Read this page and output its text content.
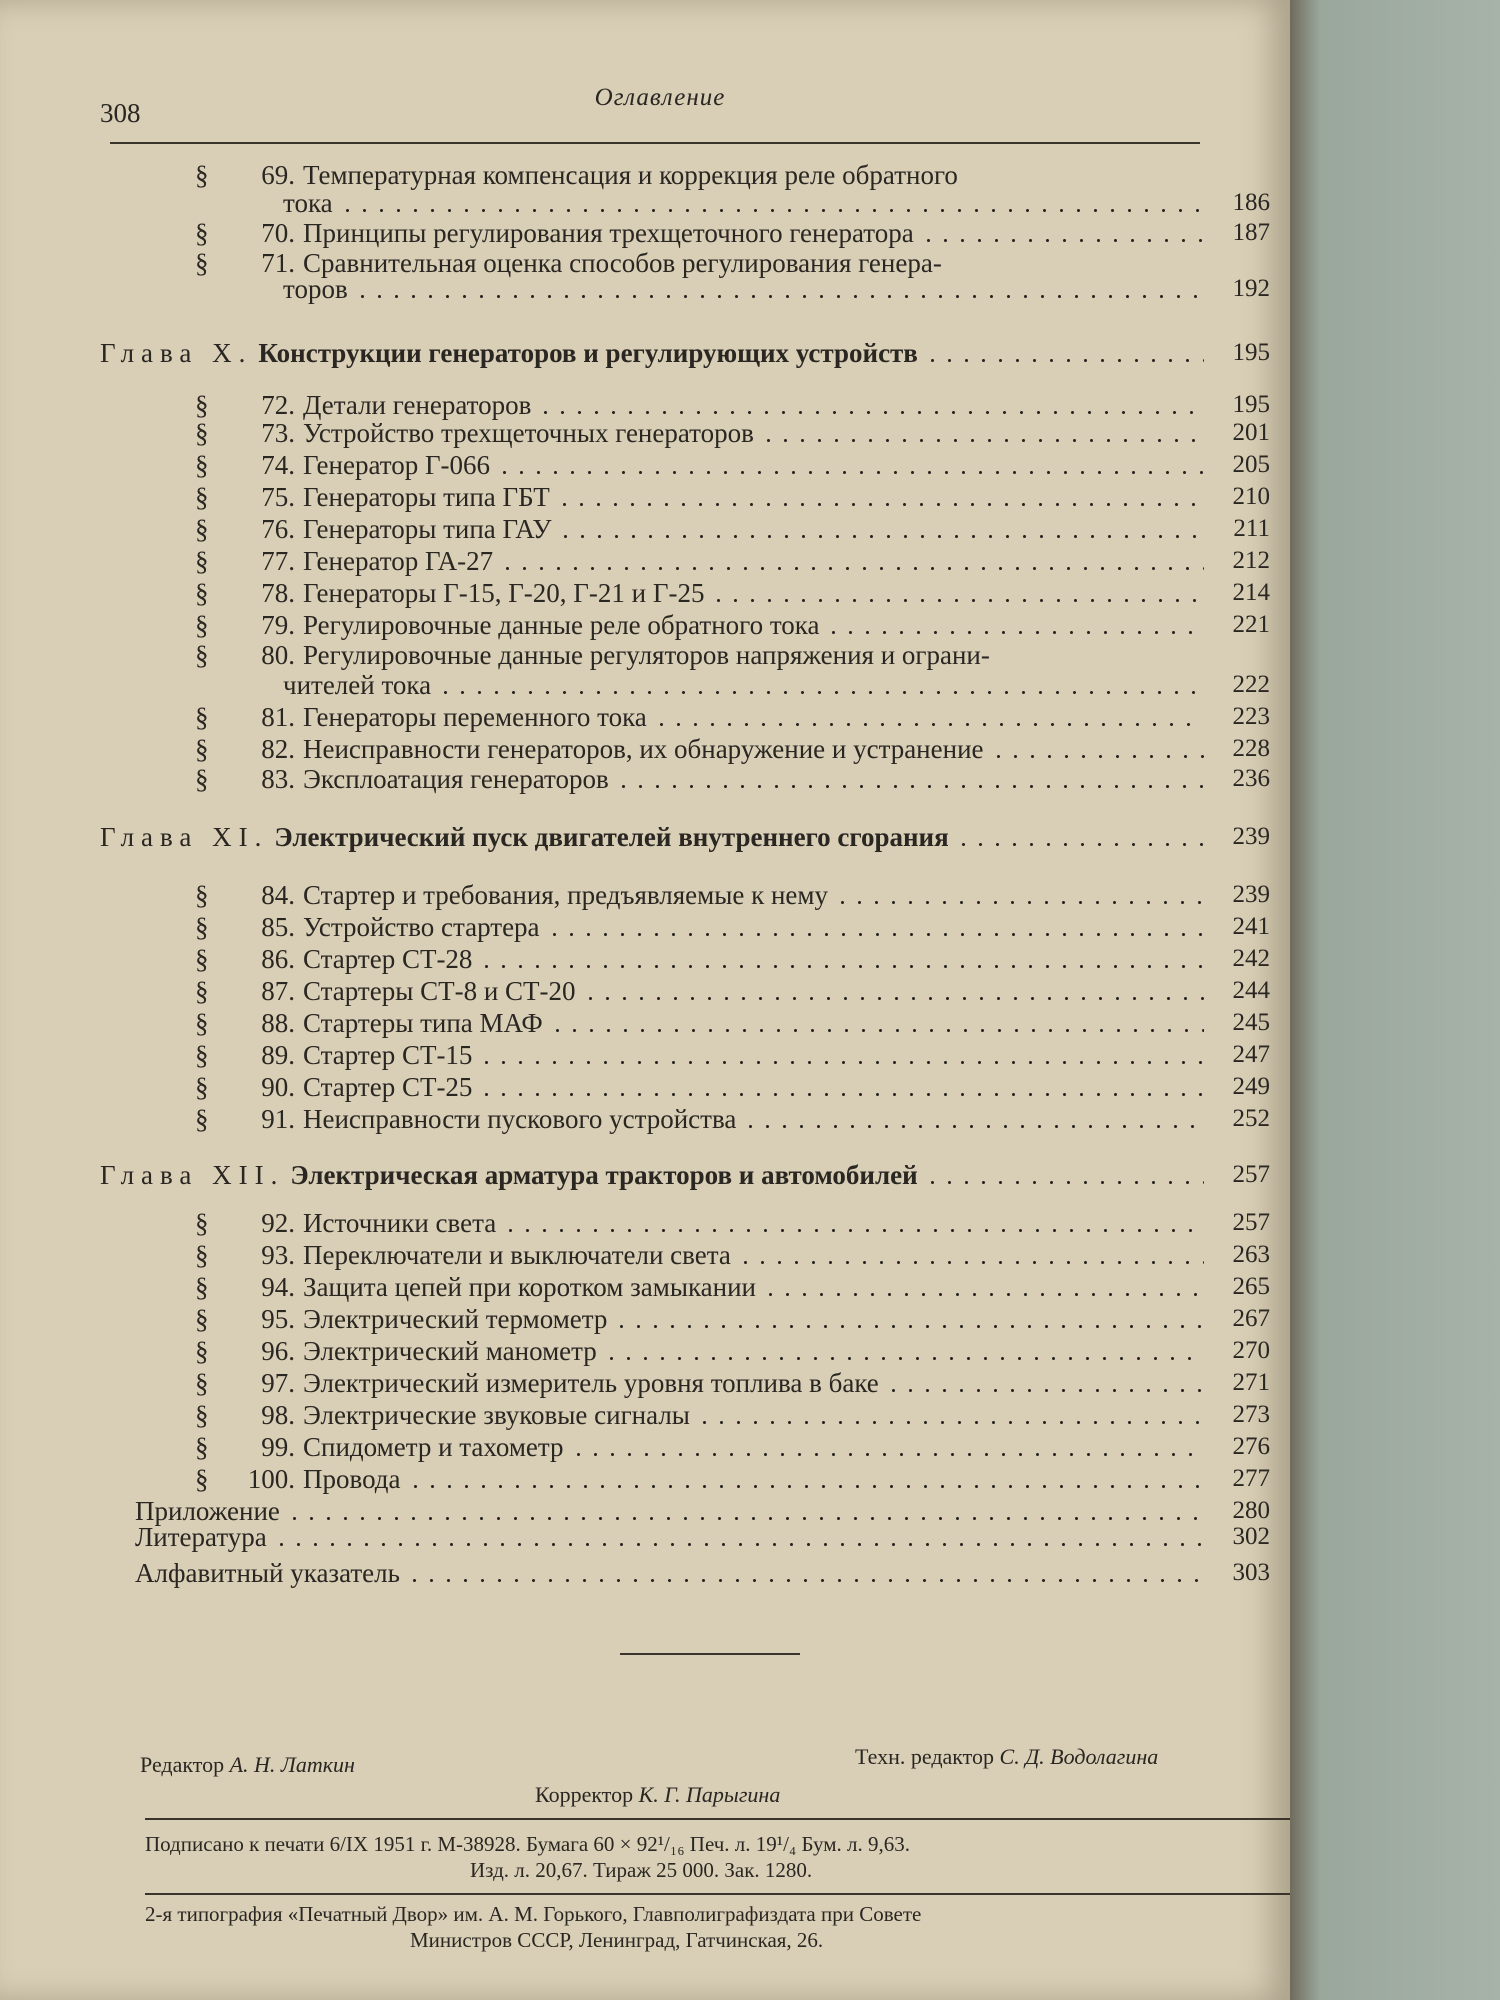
308
Оглавление
§	69. Температурная компенсация и коррекция реле обратного
тока	186
§	70. Принципы регулирования трехщеточного генератора	187
§	71. Сравнительная оценка способов регулирования генера-
торов	192
Глава X. Конструкции генераторов и регулирующих устройств	195
§	72. Детали генераторов	195
§	73. Устройство трехщеточных генераторов	201
§	74. Генератор Г-066	205
§	75. Генераторы типа ГБТ	210
§	76. Генераторы типа ГАУ	211
§	77. Генератор ГА-27	212
§	78. Генераторы Г-15, Г-20, Г-21 и Г-25	214
§	79. Регулировочные данные реле обратного тока	221
§	80. Регулировочные данные регуляторов напряжения и ограни-
чителей тока	222
§	81. Генераторы переменного тока	223
§	82. Неисправности генераторов, их обнаружение и устранение	228
§	83. Эксплоатация генераторов	236
Глава XI. Электрический пуск двигателей внутреннего сгорания	239
§	84. Стартер и требования, предъявляемые к нему	239
§	85. Устройство стартера	241
§	86. Стартер СТ-28	242
§	87. Стартеры СТ-8 и СТ-20	244
§	88. Стартеры типа МАФ	245
§	89. Стартер СТ-15	247
§	90. Стартер СТ-25	249
§	91. Неисправности пускового устройства	252
Глава XII. Электрическая арматура тракторов и автомобилей	257
§	92. Источники света	257
§	93. Переключатели и выключатели света	263
§	94. Защита цепей при коротком замыкании	265
§	95. Электрический термометр	267
§	96. Электрический манометр	270
§	97. Электрический измеритель уровня топлива в баке	271
§	98. Электрические звуковые сигналы	273
§	99. Спидометр и тахометр	276
§	100. Провода	277
Приложение	280
Литература	302
Алфавитный указатель	303
Редактор А. Н. Латкин	Техн. редактор С. Д. Водолагина
Корректор К. Г. Парыгина
Подписано к печати 6/IX 1951 г. М-38928. Бумага 60 × 92¹/₁₆ Печ. л. 19¹/₄ Бум. л. 9,63.
Изд. л. 20,67. Тираж 25 000. Зак. 1280.
2-я типография «Печатный Двор» им. А. М. Горького, Главполиграфиздата при Совете
Министров СССР, Ленинград, Гатчинская, 26.
